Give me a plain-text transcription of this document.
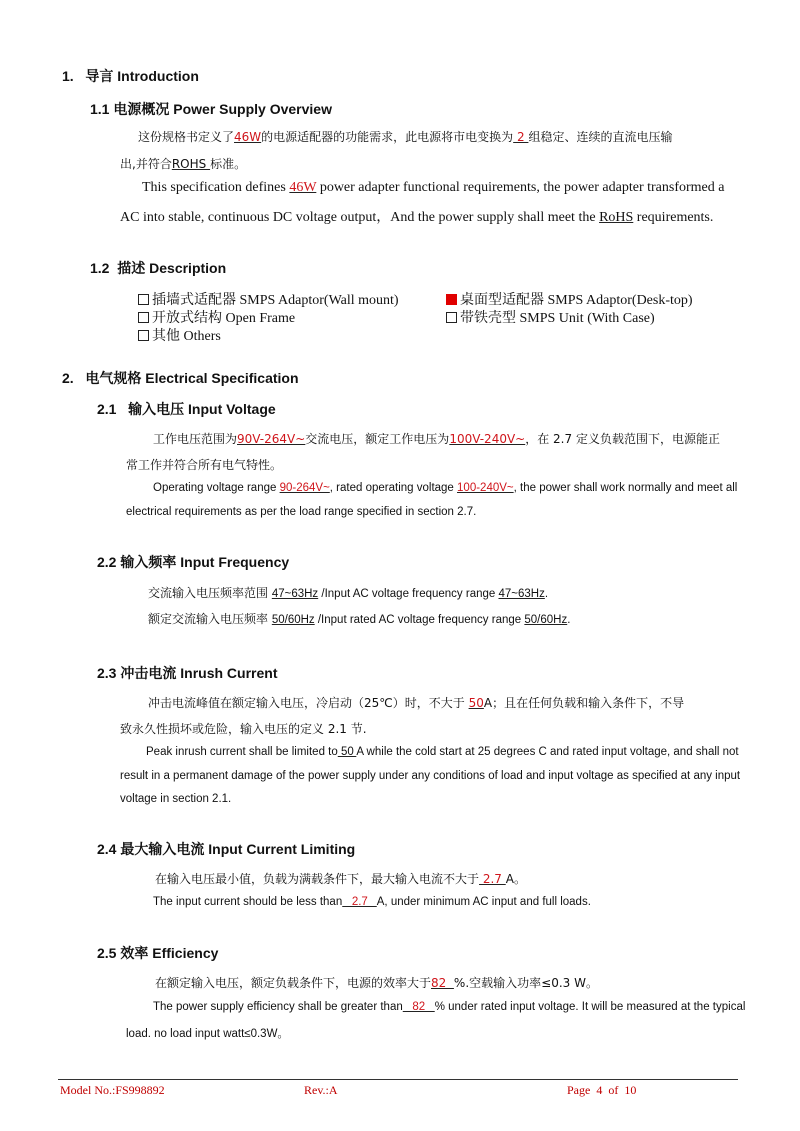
1. 导言 Introduction
1.1 电源概况 Power Supply Overview
这份规格书定义了46W的电源适配器的功能需求，此电源将市电变换为 2 组稳定、连续的直流电压输
出,并符合ROHS 标准。
This specification defines 46W power adapter functional requirements, the power adapter transformed a
AC into stable, continuous DC voltage output，And the power supply shall meet the RoHS requirements.
1.2 描述 Description
插墙式适配器 SMPS Adaptor(Wall mount)	桌面型适配器 SMPS Adaptor(Desk-top)
开放式结构 Open Frame	带铁壳型 SMPS Unit (With Case)
其他 Others
2. 电气规格 Electrical Specification
2.1 输入电压 Input Voltage
工作电压范围为90V-264V~交流电压，额定工作电压为100V-240V~，在 2.7 定义负载范围下，电源能正
常工作并符合所有电气特性。
Operating voltage range 90-264V~, rated operating voltage 100-240V~, the power shall work normally and meet all
electrical requirements as per the load range specified in section 2.7.
2.2 输入频率 Input Frequency
交流输入电压频率范围 47~63Hz /Input AC voltage frequency range 47~63Hz.
额定交流输入电压频率 50/60Hz /Input rated AC voltage frequency range 50/60Hz.
2.3 冲击电流 Inrush Current
冲击电流峰值在额定输入电压，冷启动（25℃）时，不大于 50A；且在任何负载和输入条件下，不导
致永久性损坏或危险，输入电压的定义 2.1 节.
Peak inrush current shall be limited to 50 A while the cold start at 25 degrees C and rated input voltage, and shall not
result in a permanent damage of the power supply under any conditions of load and input voltage as specified at any input
voltage in section 2.1.
2.4 最大输入电流 Input Current Limiting
在输入电压最小值，负载为满载条件下，最大输入电流不大于 2.7 A。
The input current should be less than   2.7   A, under minimum AC input and full loads.
2.5 效率 Efficiency
在额定输入电压，额定负载条件下，电源的效率大于82  %.空载输入功率≤0.3 W。
The power supply efficiency shall be greater than   82   % under rated input voltage. It will be measured at the typical
load. no load input watt≤0.3W。
Model No.:FS998892	Rev.:A	Page  4  of  10
